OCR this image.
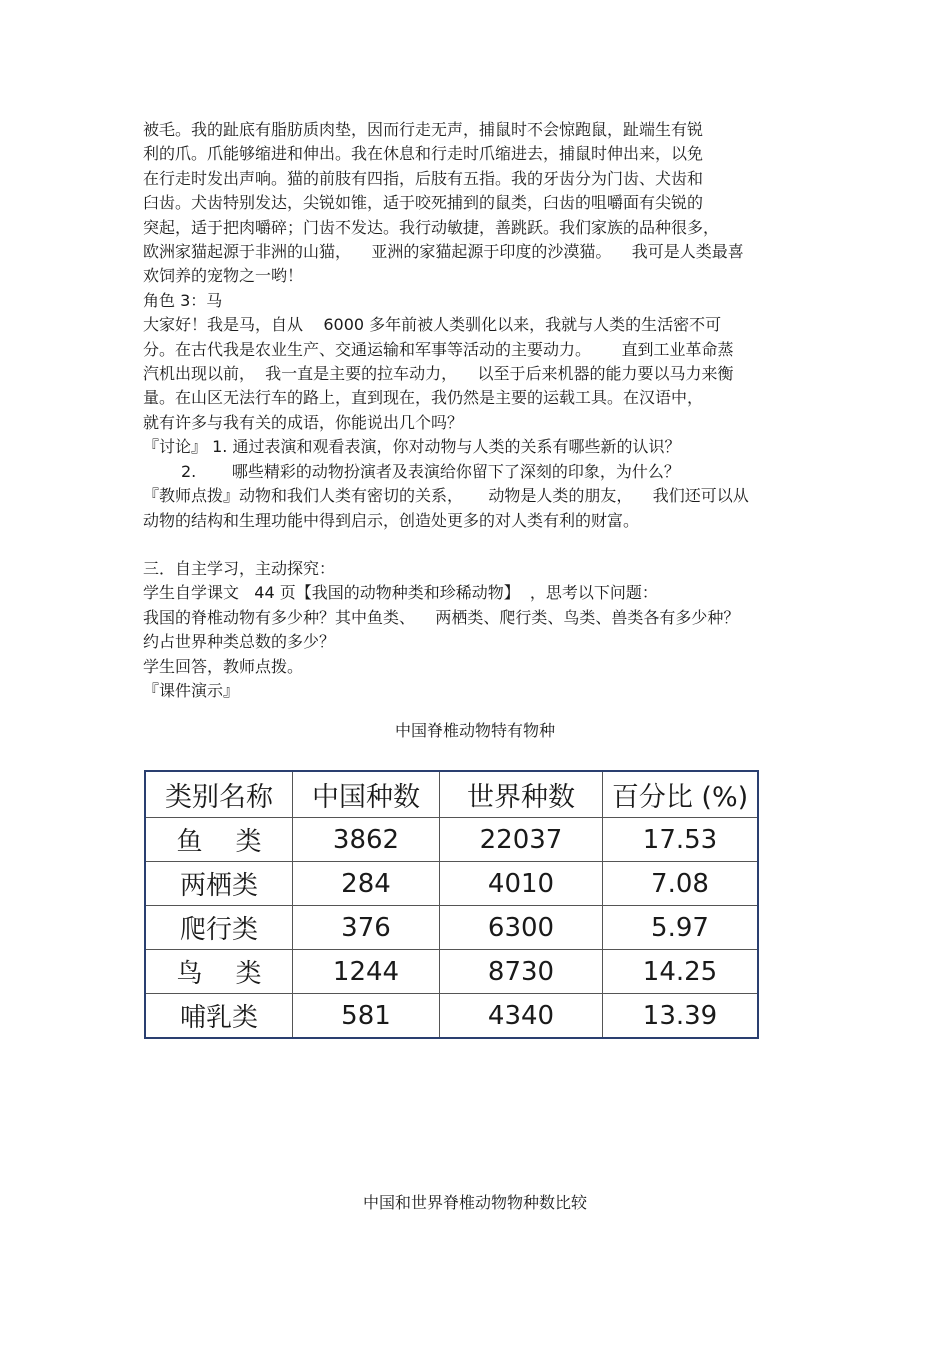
被毛。我的趾底有脂肪质肉垫，因而行走无声，捕鼠时不会惊跑鼠，趾端生有锐
利的爪。爪能够缩进和伸出。我在休息和行走时爪缩进去，捕鼠时伸出来，以免
在行走时发出声响。猫的前肢有四指，后肢有五指。我的牙齿分为门齿、犬齿和
臼齿。犬齿特别发达，尖锐如锥，适于咬死捕到的鼠类，臼齿的咀嚼面有尖锐的
突起，适于把肉嚼碎；门齿不发达。我行动敏捷，善跳跃。我们家族的品种很多，
欧洲家猫起源于非洲的山猫，    亚洲的家猫起源于印度的沙漠猫。    我可是人类最喜
欢饲养的宠物之一哟！
角色 3：马
大家好！我是马，自从    6000 多年前被人类驯化以来，我就与人类的生活密不可
分。在古代我是农业生产、交通运输和军事等活动的主要动力。      直到工业革命蒸
汽机出现以前，  我一直是主要的拉车动力，    以至于后来机器的能力要以马力来衡
量。在山区无法行车的路上，直到现在，我仍然是主要的运载工具。在汉语中，
就有许多与我有关的成语，你能说出几个吗？
『讨论』 1. 通过表演和观看表演，你对动物与人类的关系有哪些新的认识？
2.       哪些精彩的动物扮演者及表演给你留下了深刻的印象，为什么？
『教师点拨』动物和我们人类有密切的关系，     动物是人类的朋友，    我们还可以从
动物的结构和生理功能中得到启示，创造处更多的对人类有利的财富。
三．自主学习，主动探究：
学生自学课文   44 页【我国的动物种类和珍稀动物】  ，思考以下问题：
我国的脊椎动物有多少种？其中鱼类、    两栖类、爬行类、鸟类、兽类各有多少种？
约占世界种类总数的多少？
学生回答，教师点拨。
『课件演示』
中国脊椎动物特有物种
类别名称	中国种数	世界种数	百分比 (%)
鱼    类	3862	22037	17.53
两栖类	284	4010	7.08
爬行类	376	6300	5.97
鸟    类	1244	8730	14.25
哺乳类	581	4340	13.39
中国和世界脊椎动物物种数比较
